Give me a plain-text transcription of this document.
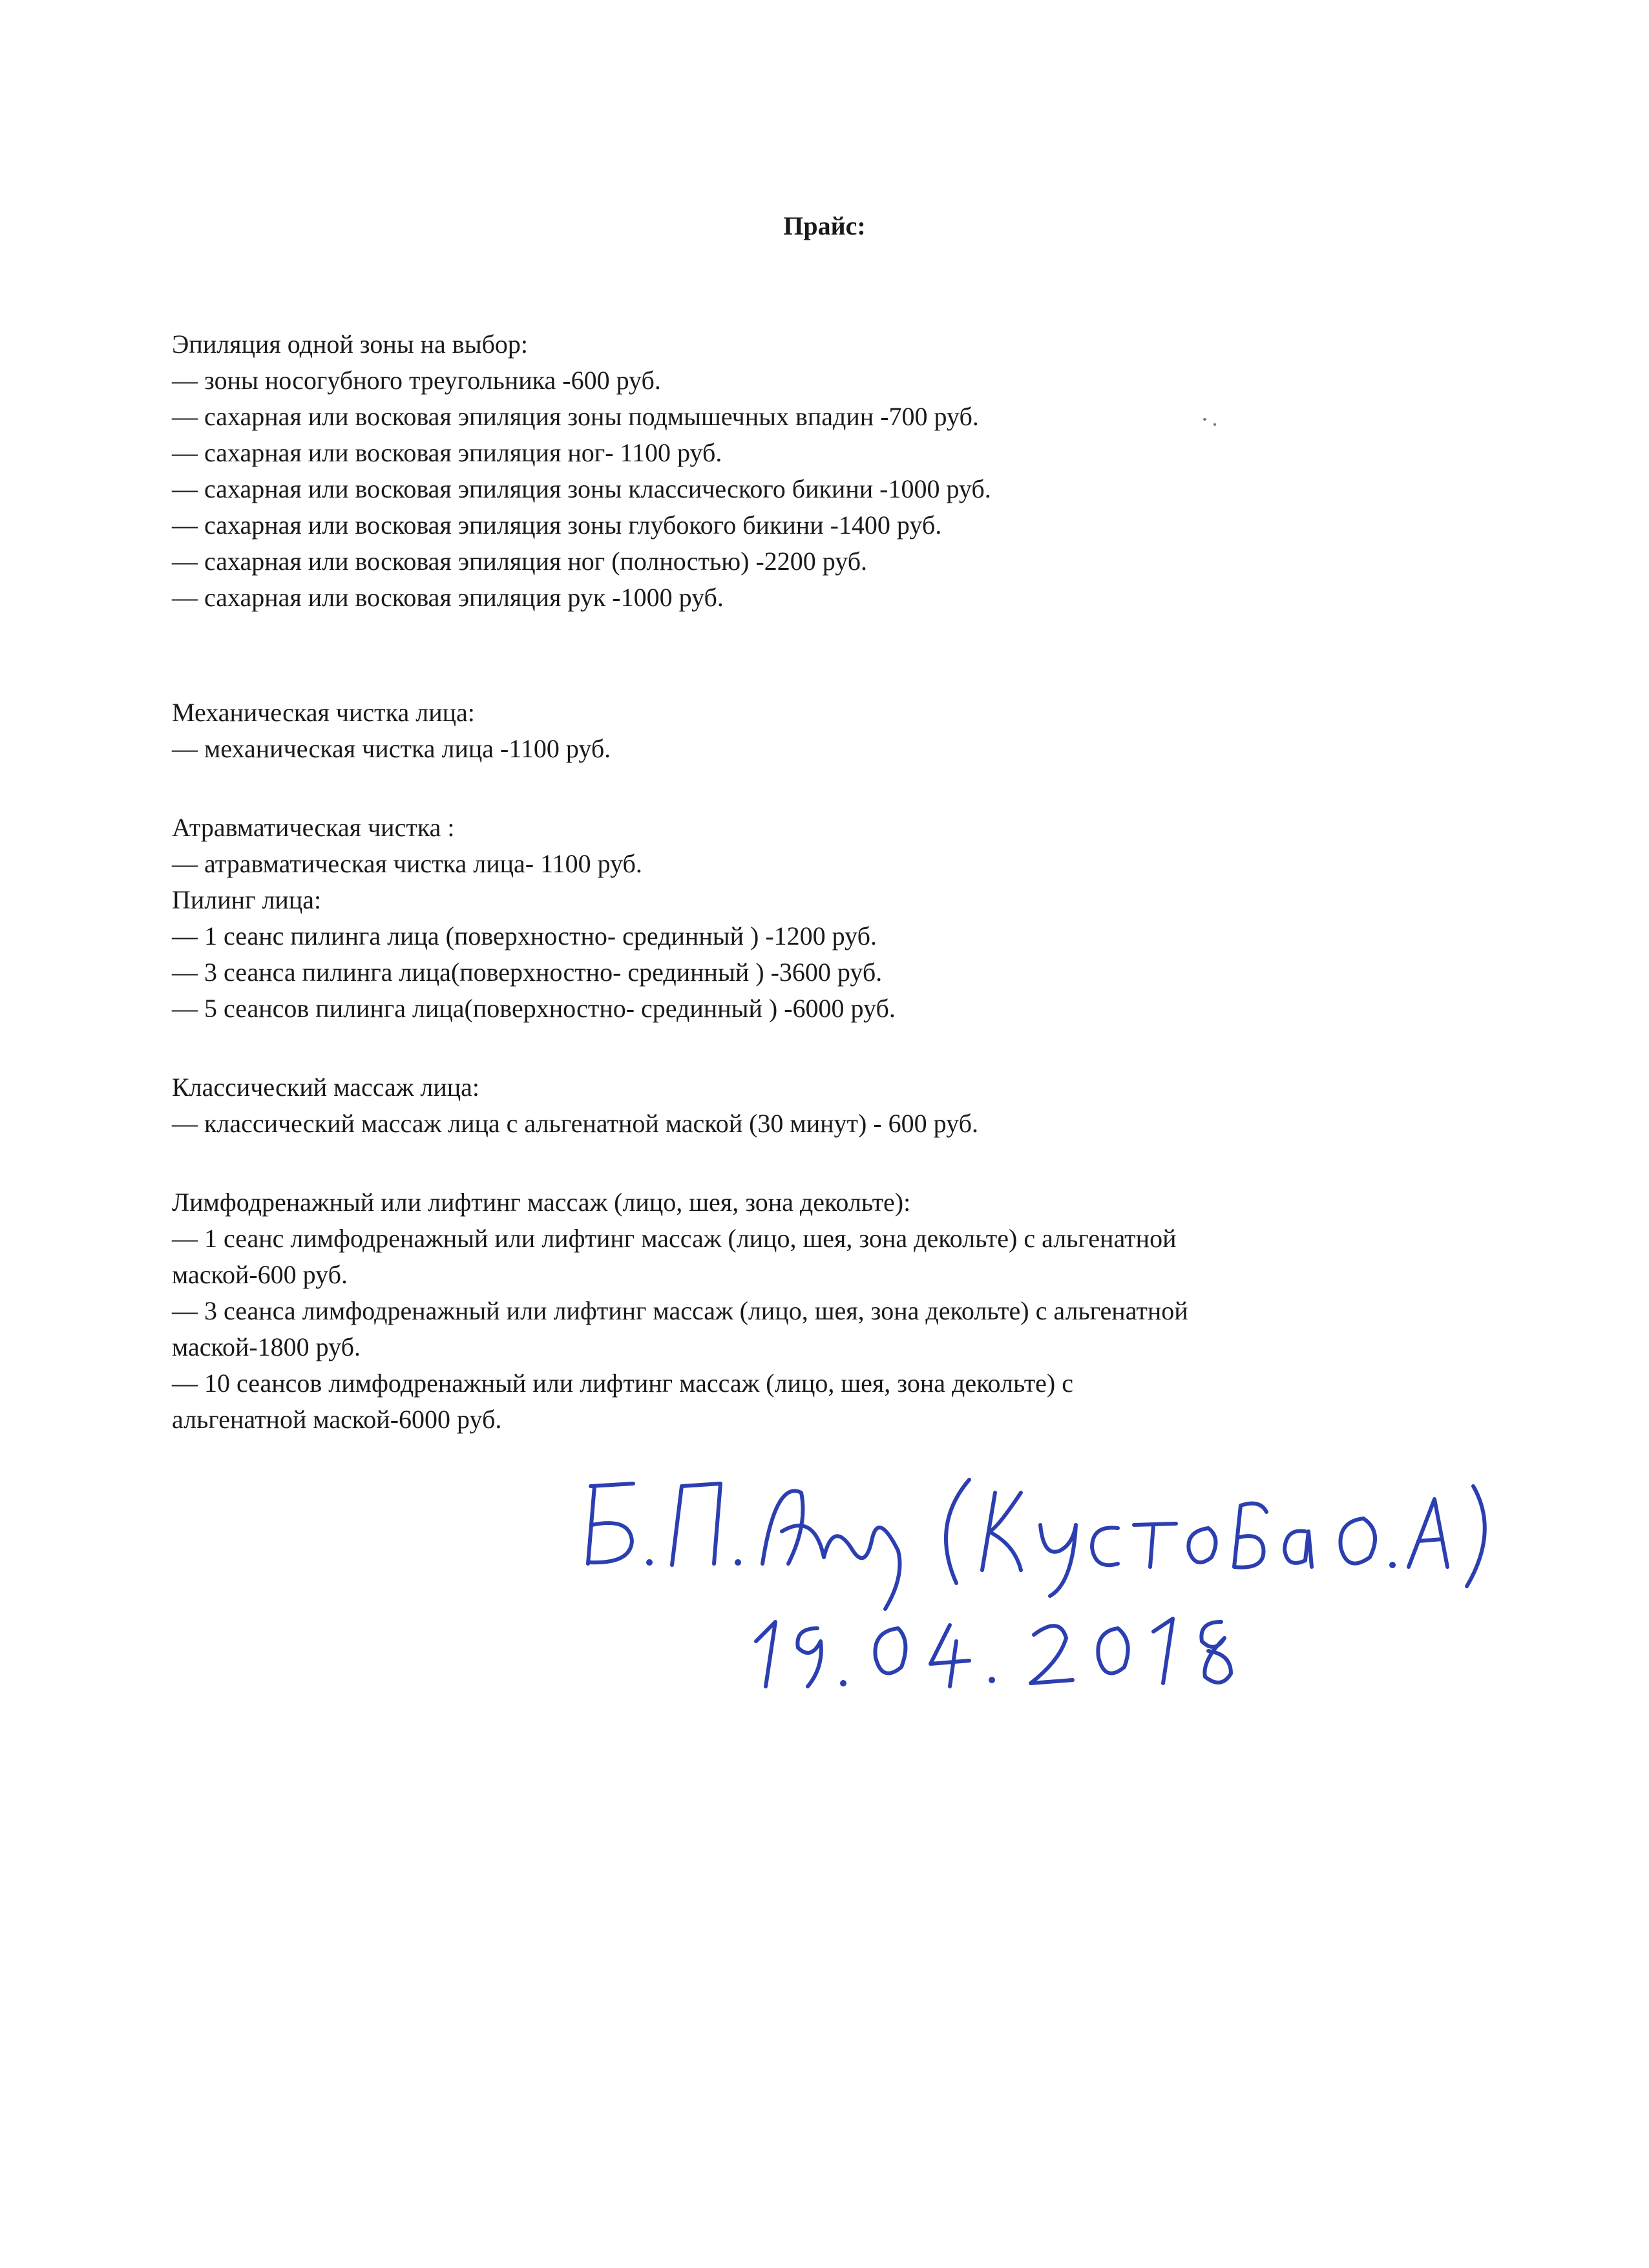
Прайс:
Эпиляция одной зоны на выбор:
— зоны носогубного треугольника -600 руб.
— сахарная или восковая эпиляция зоны подмышечных впадин -700 руб.
— сахарная или восковая эпиляция ног- 1100 руб.
— сахарная или восковая эпиляция зоны классического бикини -1000 руб.
— сахарная или восковая эпиляция зоны глубокого бикини -1400 руб.
— сахарная или восковая эпиляция ног (полностью) -2200 руб.
— сахарная или восковая эпиляция рук -1000 руб.
Механическая чистка лица:
— механическая чистка лица -1100 руб.
Атравматическая чистка :
— атравматическая чистка лица- 1100 руб.
Пилинг лица:
— 1 сеанс пилинга лица (поверхностно- срединный ) -1200 руб.
— 3 сеанса пилинга лица(поверхностно- срединный ) -3600 руб.
— 5 сеансов пилинга лица(поверхностно- срединный ) -6000 руб.
Классический массаж лица:
— классический массаж лица с альгенатной маской (30 минут) - 600 руб.
Лимфодренажный или лифтинг массаж (лицо, шея, зона декольте):
— 1 сеанс лимфодренажный или лифтинг массаж (лицо, шея, зона декольте) с альгенатной
маской-600 руб.
— 3 сеанса лимфодренажный или лифтинг массаж (лицо, шея, зона декольте) с альгенатной
маской-1800 руб.
— 10 сеансов лимфодренажный или лифтинг массаж (лицо, шея, зона декольте) с
альгенатной маской-6000 руб.
